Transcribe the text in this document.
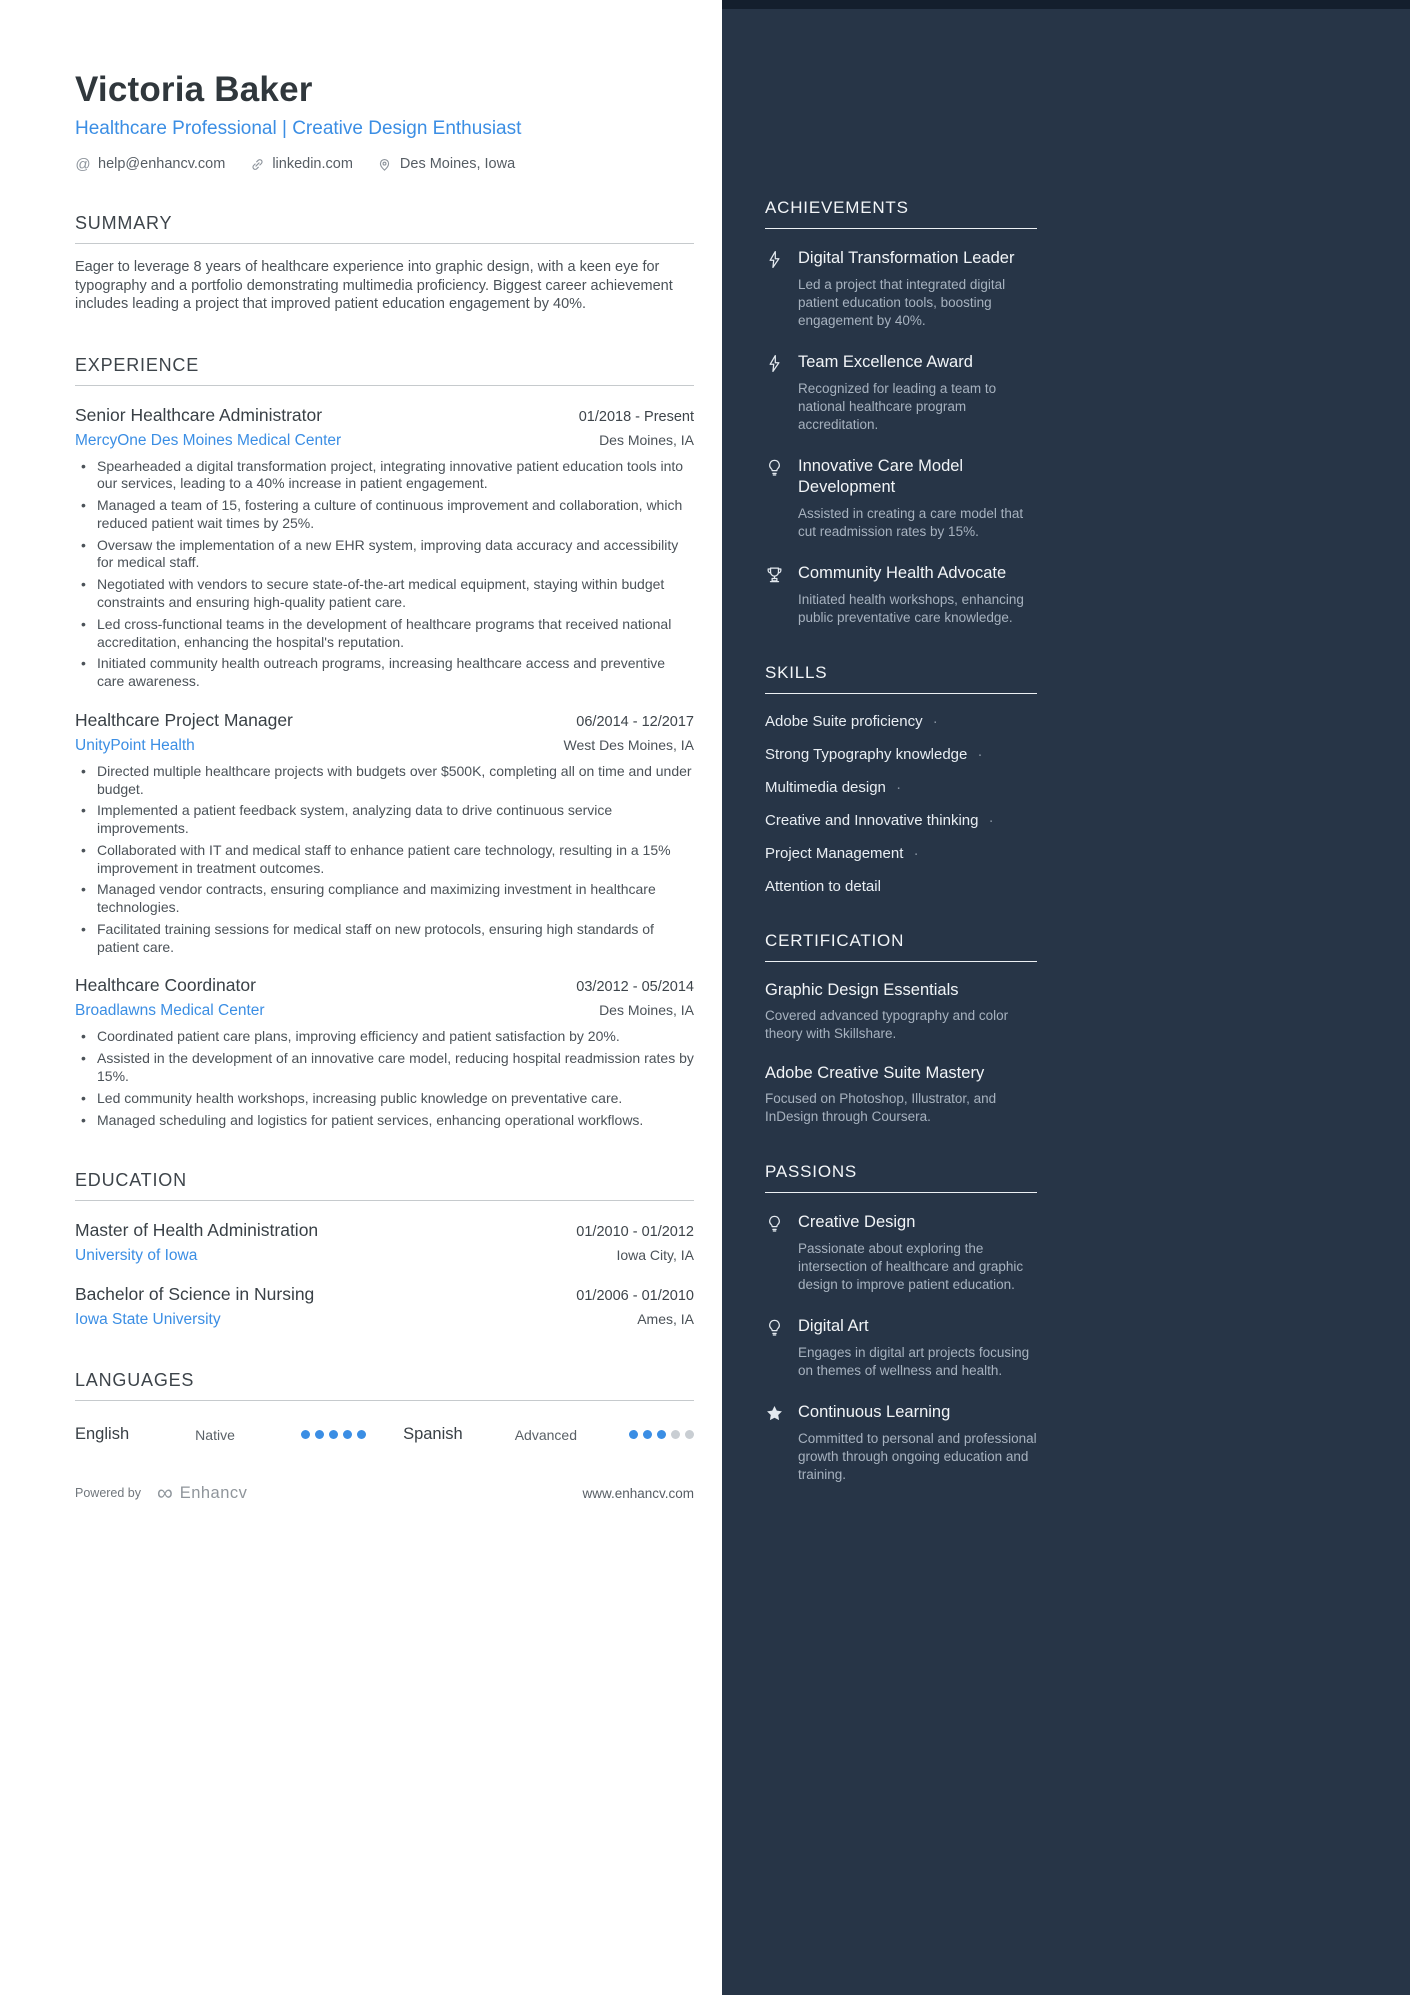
Victoria Baker
Healthcare Professional | Creative Design Enthusiast
@ help@enhancv.com	linkedin.com	Des Moines, Iowa
SUMMARY

Eager to leverage 8 years of healthcare experience into graphic design, with a keen eye for typography and a portfolio demonstrating multimedia proficiency. Biggest career achievement includes leading a project that improved patient education engagement by 40%.

EXPERIENCE
Senior Healthcare Administrator	01/2018 - Present
MercyOne Des Moines Medical Center	Des Moines, IA
• Spearheaded a digital transformation project, integrating innovative patient education tools into our services, leading to a 40% increase in patient engagement.
• Managed a team of 15, fostering a culture of continuous improvement and collaboration, which reduced patient wait times by 25%.
• Oversaw the implementation of a new EHR system, improving data accuracy and accessibility for medical staff.
• Negotiated with vendors to secure state-of-the-art medical equipment, staying within budget constraints and ensuring high-quality patient care.
• Led cross-functional teams in the development of healthcare programs that received national accreditation, enhancing the hospital's reputation.
• Initiated community health outreach programs, increasing healthcare access and preventive care awareness.
Healthcare Project Manager	06/2014 - 12/2017
UnityPoint Health	West Des Moines, IA
• Directed multiple healthcare projects with budgets over $500K, completing all on time and under budget.
• Implemented a patient feedback system, analyzing data to drive continuous service improvements.
• Collaborated with IT and medical staff to enhance patient care technology, resulting in a 15% improvement in treatment outcomes.
• Managed vendor contracts, ensuring compliance and maximizing investment in healthcare technologies.
• Facilitated training sessions for medical staff on new protocols, ensuring high standards of patient care.
Healthcare Coordinator	03/2012 - 05/2014
Broadlawns Medical Center	Des Moines, IA
• Coordinated patient care plans, improving efficiency and patient satisfaction by 20%.
• Assisted in the development of an innovative care model, reducing hospital readmission rates by 15%.
• Led community health workshops, increasing public knowledge on preventative care.
• Managed scheduling and logistics for patient services, enhancing operational workflows.
EDUCATION
Master of Health Administration	01/2010 - 01/2012
University of Iowa	Iowa City, IA
Bachelor of Science in Nursing	01/2006 - 01/2010
Iowa State University	Ames, IA
LANGUAGES
English	Native	Spanish	Advanced
Powered by ∞ Enhancv	www.enhancv.com
ACHIEVEMENTS
Digital Transformation Leader
Led a project that integrated digital patient education tools, boosting engagement by 40%.
Team Excellence Award
Recognized for leading a team to national healthcare program accreditation.
Innovative Care Model Development
Assisted in creating a care model that cut readmission rates by 15%.
Community Health Advocate
Initiated health workshops, enhancing public preventative care knowledge.
SKILLS
Adobe Suite proficiency ·
Strong Typography knowledge ·
Multimedia design ·
Creative and Innovative thinking ·
Project Management ·
Attention to detail
CERTIFICATION
Graphic Design Essentials
Covered advanced typography and color theory with Skillshare.
Adobe Creative Suite Mastery
Focused on Photoshop, Illustrator, and InDesign through Coursera.
PASSIONS
Creative Design
Passionate about exploring the intersection of healthcare and graphic design to improve patient education.
Digital Art
Engages in digital art projects focusing on themes of wellness and health.
Continuous Learning
Committed to personal and professional growth through ongoing education and training.
